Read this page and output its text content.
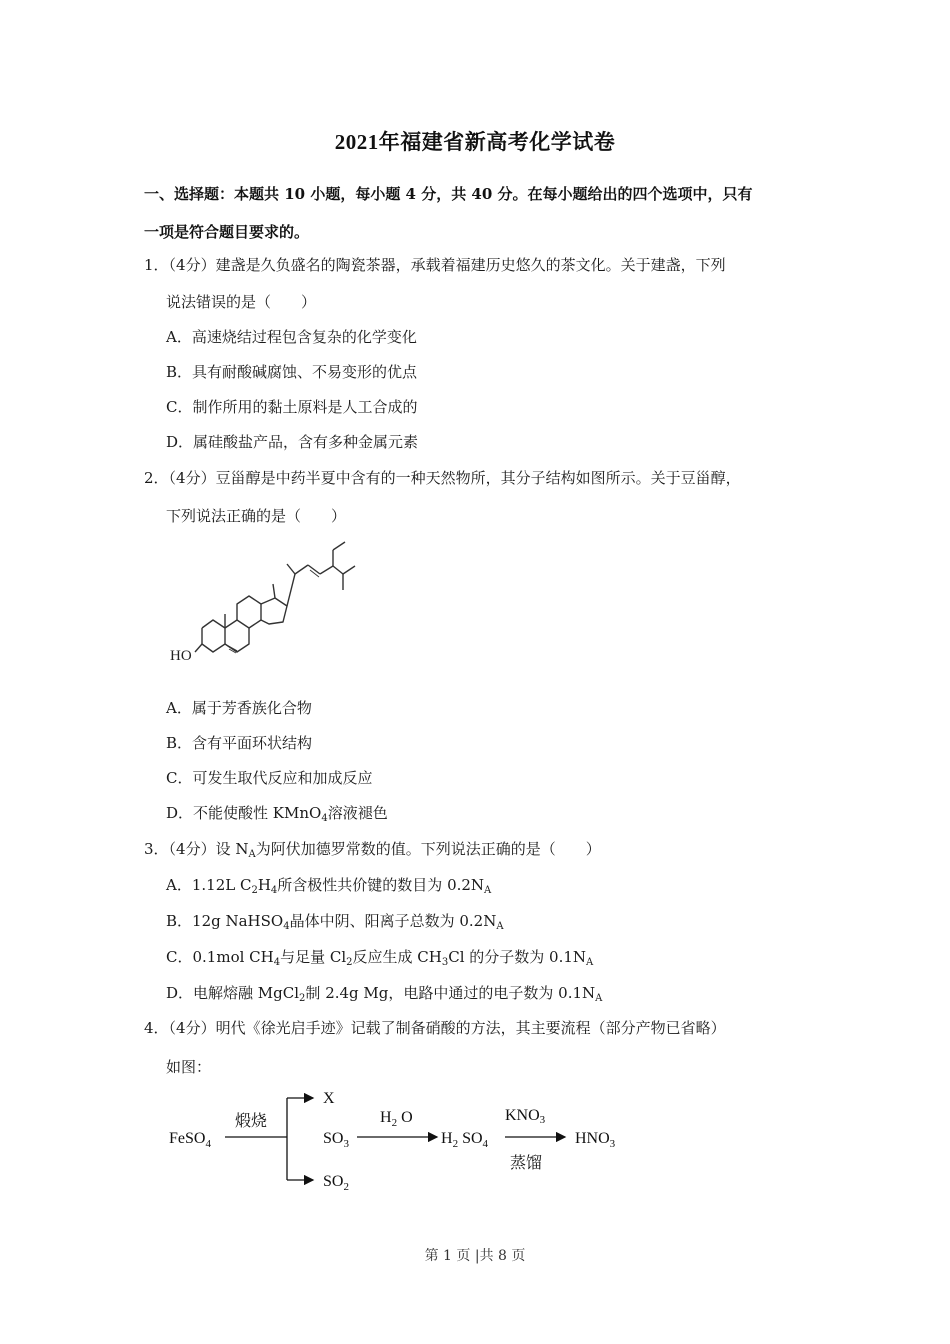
2021年福建省新高考化学试卷
一、选择题：本题共 10 小题，每小题 4 分，共 40 分。在每小题给出的四个选项中，只有
一项是符合题目要求的。
1．（4分）建盏是久负盛名的陶瓷茶器，承载着福建历史悠久的茶文化。关于建盏，下列
说法错误的是（　　）
A．高速烧结过程包含复杂的化学变化
B．具有耐酸碱腐蚀、不易变形的优点
C．制作所用的黏土原料是人工合成的
D．属硅酸盐产品，含有多种金属元素
2．（4分）豆甾醇是中药半夏中含有的一种天然物所，其分子结构如图所示。关于豆甾醇，
下列说法正确的是（　　）
HO
A．属于芳香族化合物
B．含有平面环状结构
C．可发生取代反应和加成反应
D．不能使酸性 KMnO$_4$溶液褪色
3．（4分）设 $N_A$为阿伏加德罗常数的值。下列说法正确的是（　　）
A．1.12L $C_2H_4$所含极性共价键的数目为 $0.2N_A$
B．12g NaHSO$_4$晶体中阴、阳离子总数为 $0.2N_A$
C．0.1mol $CH_4$与足量 $Cl_2$反应生成 $CH_3Cl$ 的分子数为 $0.1N_A$
D．电解熔融 MgCl$_2$制 2.4g Mg，电路中通过的电子数为 $0.1N_A$
4．（4分）明代《徐光启手迹》记载了制备硝酸的方法，其主要流程（部分产物已省略）
如图：
FeSO$_4$
煅烧
X
$SO_3$
$SO_2$
$H_2$ O
$H_2$ $SO_4$
KNO3
蒸馏
$HNO_3$
第 1 页 |共 8 页
